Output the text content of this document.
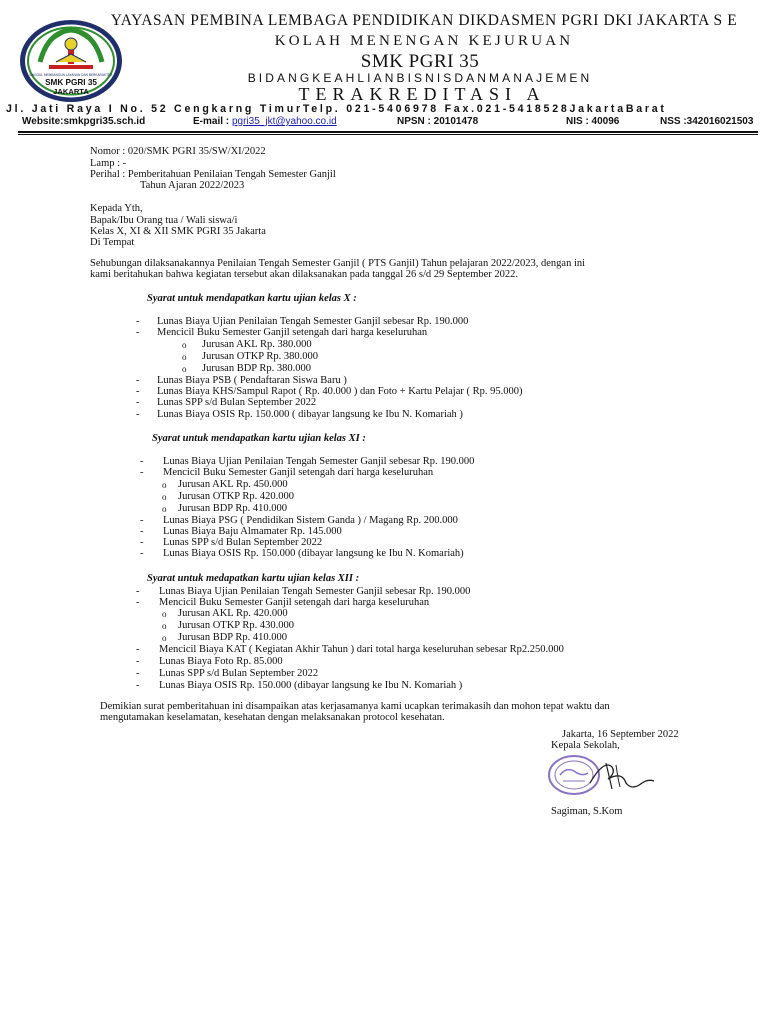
UNGGUL MEMBANGUN LAYANAN DAN BERKARAKTER
SMK PGRI 35
JAKARTA
YAYASAN PEMBINA LEMBAGA PENDIDIKAN DIKDASMEN PGRI DKI JAKARTA S E
KOLAH MENENGAN KEJURUAN
SMK PGRI 35
BIDANGKEAHLIANBISNISDANMANAJEMEN
TERAKREDITASI A
Jl. Jati Raya I No. 52 Cengkarng TimurTelp. 021-5406978 Fax.021-5418528JakartaBarat
Website:smkpgri35.sch.id	E-mail : pgri35_jkt@yahoo.co.id	NPSN : 20101478	NIS : 40096	NSS :342016021503
Nomor : 020/SMK PGRI 35/SW/XI/2022
Lamp : -
Perihal : Pemberitahuan Penilaian Tengah Semester Ganjil
Tahun Ajaran 2022/2023
Kepada Yth,
Bapak/Ibu Orang tua / Wali siswa/i
Kelas X, XI & XII SMK PGRI 35 Jakarta
Di Tempat
Sehubungan dilaksanakannya Penilaian Tengah Semester Ganjil ( PTS Ganjil) Tahun pelajaran 2022/2023, dengan ini
kami beritahukan bahwa kegiatan tersebut akan dilaksanakan pada tanggal 26 s/d 29 September 2022.
Syarat untuk mendapatkan kartu ujian kelas X :
- Lunas Biaya Ujian Penilaian Tengah Semester Ganjil sebesar Rp. 190.000
- Mencicil Buku Semester Ganjil setengah dari harga keseluruhan
o Jurusan AKL Rp. 380.000
o Jurusan OTKP Rp. 380.000
o Jurusan BDP Rp. 380.000
- Lunas Biaya PSB ( Pendaftaran Siswa Baru )
- Lunas Biaya KHS/Sampul Rapot ( Rp. 40.000 ) dan Foto + Kartu Pelajar ( Rp. 95.000)
- Lunas SPP s/d Bulan September 2022
- Lunas Biaya OSIS Rp. 150.000 ( dibayar langsung ke Ibu N. Komariah )
Syarat untuk mendapatkan kartu ujian kelas XI :
- Lunas Biaya Ujian Penilaian Tengah Semester Ganjil sebesar Rp. 190.000
- Mencicil Buku Semester Ganjil setengah dari harga keseluruhan
o Jurusan AKL Rp. 450.000
o Jurusan OTKP Rp. 420.000
o Jurusan BDP Rp. 410.000
- Lunas Biaya PSG ( Pendidikan Sistem Ganda ) / Magang Rp. 200.000
- Lunas Biaya Baju Almamater Rp. 145.000
- Lunas SPP s/d Bulan September 2022
- Lunas Biaya OSIS Rp. 150.000 (dibayar langsung ke Ibu N. Komariah)
Syarat untuk medapatkan kartu ujian kelas XII :
- Lunas Biaya Ujian Penilaian Tengah Semester Ganjil sebesar Rp. 190.000
- Mencicil Buku Semester Ganjil setengah dari harga keseluruhan
o Jurusan AKL Rp. 420.000
o Jurusan OTKP Rp. 430.000
o Jurusan BDP Rp. 410.000
- Mencicil Biaya KAT ( Kegiatan Akhir Tahun ) dari total harga keseluruhan sebesar Rp2.250.000
- Lunas Biaya Foto Rp. 85.000
- Lunas SPP s/d Bulan September 2022
- Lunas Biaya OSIS Rp. 150.000 (dibayar langsung ke Ibu N. Komariah )
Demikian surat pemberitahuan ini disampaikan atas kerjasamanya kami ucapkan terimakasih dan mohon tepat waktu dan
mengutamakan keselamatan, kesehatan dengan melaksanakan protocol kesehatan.
Jakarta, 16 September 2022
Kepala Sekolah,
Sagiman, S.Kom
